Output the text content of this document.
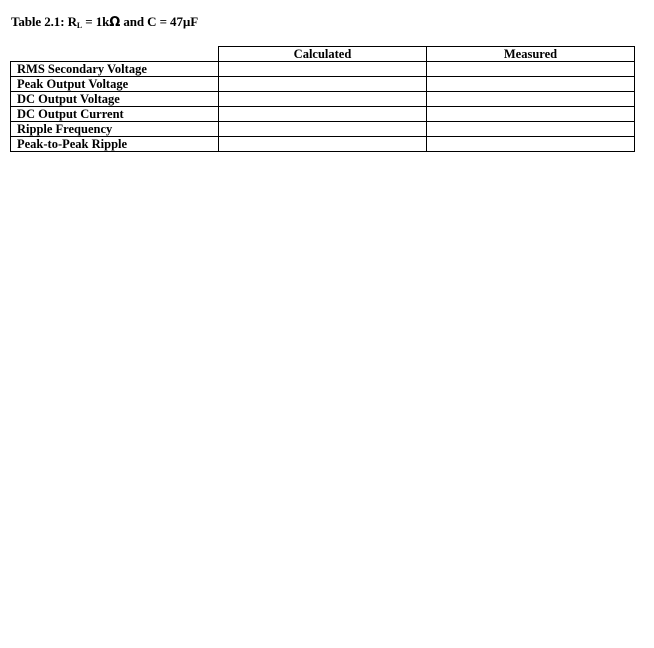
Table 2.1: $R_L = 1k\Omega$ and C = 47µF
	Calculated	Measured
RMS Secondary Voltage		
Peak Output Voltage		
DC Output Voltage		
DC Output Current		
Ripple Frequency		
Peak-to-Peak Ripple		
